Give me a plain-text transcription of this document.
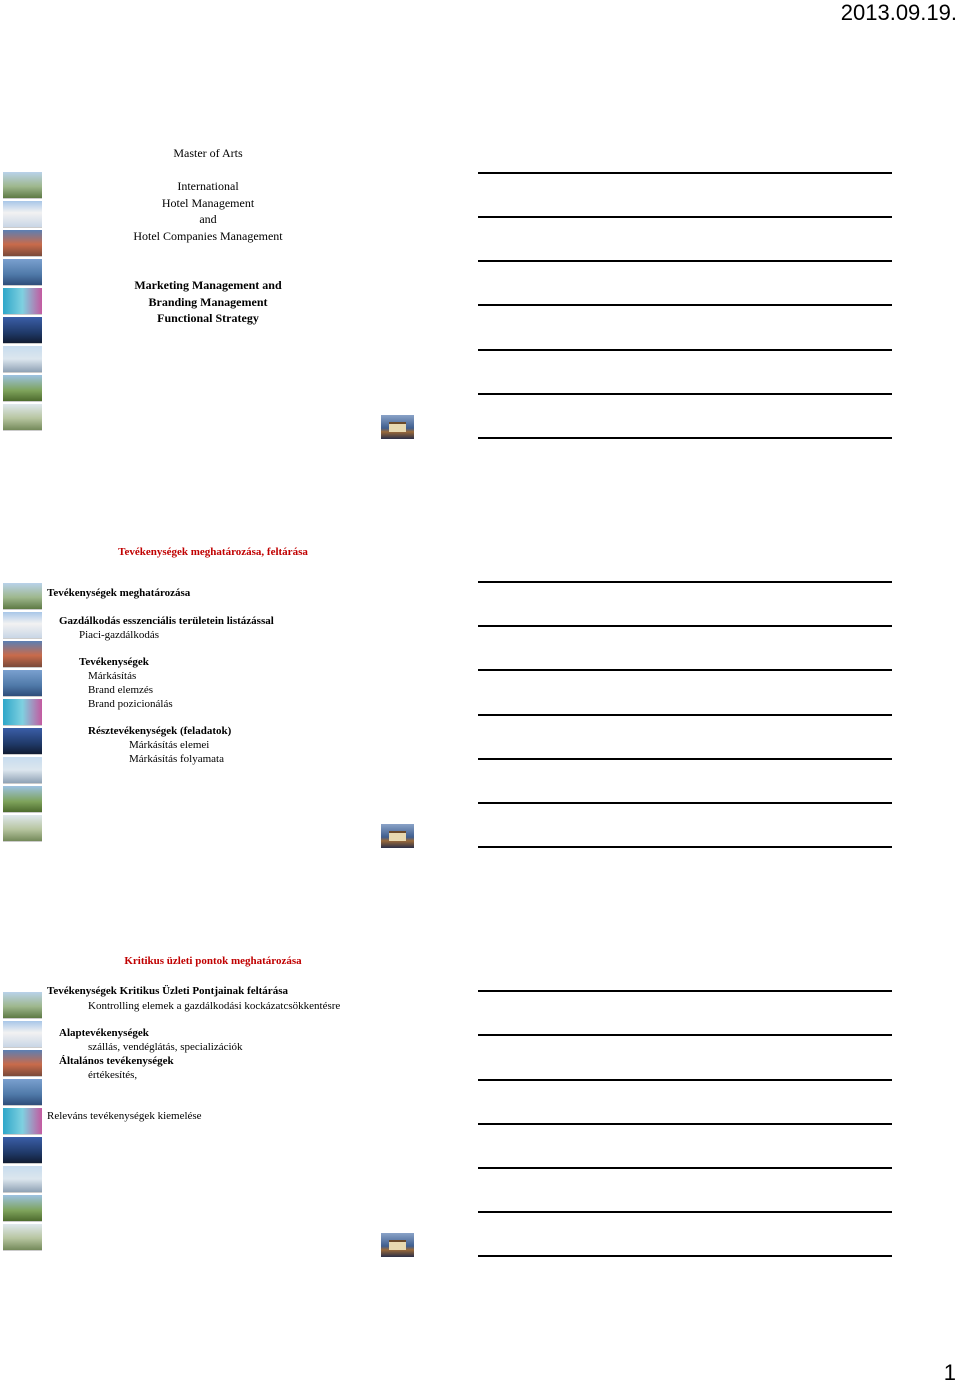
2013.09.19.
Master of Arts
International
Hotel Management
and
Hotel Companies Management
Marketing Management and
Branding Management
Functional Strategy
Tevékenységek meghatározása, feltárása
Tevékenységek meghatározása
Gazdálkodás esszenciális területein listázással
Piaci-gazdálkodás
Tevékenységek
Márkásítás
Brand elemzés
Brand pozicionálás
Résztevékenységek (feladatok)
Márkásítás elemei
Márkásítás folyamata
Kritikus üzleti pontok meghatározása
Tevékenységek Kritikus Üzleti Pontjainak feltárása
Kontrolling elemek a gazdálkodási kockázatcsökkentésre
Alaptevékenységek
szállás, vendéglátás, specializációk
Általános tevékenységek
értékesítés,
Releváns tevékenységek kiemelése
1
